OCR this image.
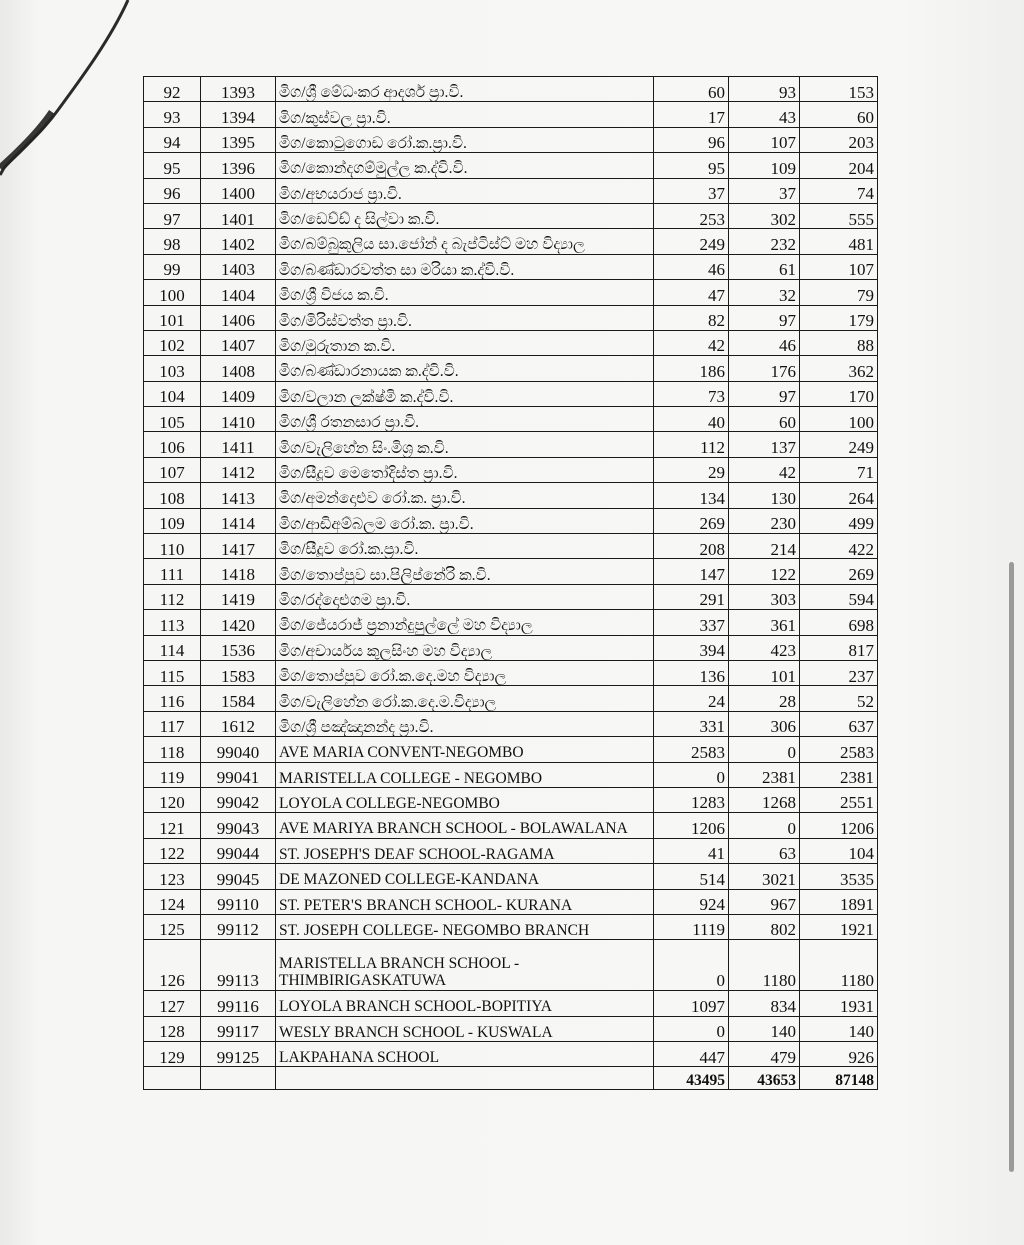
92	1393	මිග/ශ්‍රී මේධංකර ආදර්ශ ප්‍රා.වි.	60	93	153
93	1394	මිග/කුස්වල ප්‍රා.වි.	17	43	60
94	1395	මිග/කොටුගොඩ රෝ.ක.ප්‍රා.වි.	96	107	203
95	1396	මිග/කොන්දගම්මුල්ල ක.ද්වි.වි.	95	109	204
96	1400	මිග/අභයරාජ ප්‍රා.වි.	37	37	74
97	1401	මිග/ඩෙව්ඩ් ද සිල්වා ක.වි.	253	302	555
98	1402	මිග/බම්බුකුලිය සා.ජෝන් ද බැප්ටිස්ට් මහ විද්‍යාල	249	232	481
99	1403	මිග/බණ්ඩාරවත්ත සා මරියා ක.ද්වි.වි.	46	61	107
100	1404	මිග/ශ්‍රී විජය ක.වි.	47	32	79
101	1406	මිග/මිරිස්වත්ත ප්‍රා.වි.	82	97	179
102	1407	මිග/මුරුතාන ක.වි.	42	46	88
103	1408	මිග/බණ්ඩාරනායක ක.ද්වි.වි.	186	176	362
104	1409	මිග/වලාන ලක්ෂ්මි ක.ද්වි.වි.	73	97	170
105	1410	මිග/ශ්‍රී රතනසාර ප්‍රා.වි.	40	60	100
106	1411	මිග/වැලිහේන සිං.මිශ්‍ර ක.වි.	112	137	249
107	1412	මිග/සීදූව මෙතෝදිස්ත ප්‍රා.වි.	29	42	71
108	1413	මිග/අමන්දොළුව රෝ.ක. ප්‍රා.වි.	134	130	264
109	1414	මිග/ආඩිඅම්බලම රෝ.ක. ප්‍රා.වි.	269	230	499
110	1417	මිග/සීදූව රෝ.ක.ප්‍රා.වි.	208	214	422
111	1418	මිග/තොප්පුව සා.පිලිප්නේරි ක.වි.	147	122	269
112	1419	මිග/රද්දොළුගම ප්‍රා.වි.	291	303	594
113	1420	මිග/ජේයරාජ් ප්‍රනාන්දුපුල්ලේ මහ විද්‍යාල	337	361	698
114	1536	මිග/අචාර්යය කුලසිංහ මහ විද්‍යාල	394	423	817
115	1583	මිග/තොප්පුව රෝ.ක.දෙ.මහ විද්‍යාල	136	101	237
116	1584	මිග/වැලිහේන රෝ.ක.දෙ.ම.විද්‍යාල	24	28	52
117	1612	මිග/ශ්‍රී පඤ්ඤානන්ද ප්‍රා.වි.	331	306	637
118	99040	AVE MARIA CONVENT-NEGOMBO	2583	0	2583
119	99041	MARISTELLA COLLEGE - NEGOMBO	0	2381	2381
120	99042	LOYOLA COLLEGE-NEGOMBO	1283	1268	2551
121	99043	AVE MARIYA BRANCH SCHOOL - BOLAWALANA	1206	0	1206
122	99044	ST. JOSEPH'S DEAF SCHOOL-RAGAMA	41	63	104
123	99045	DE MAZONED COLLEGE-KANDANA	514	3021	3535
124	99110	ST. PETER'S BRANCH SCHOOL- KURANA	924	967	1891
125	99112	ST. JOSEPH COLLEGE- NEGOMBO BRANCH	1119	802	1921
126	99113	MARISTELLA BRANCH SCHOOL - THIMBIRIGASKATUWA	0	1180	1180
127	99116	LOYOLA BRANCH SCHOOL-BOPITIYA	1097	834	1931
128	99117	WESLY BRANCH SCHOOL - KUSWALA	0	140	140
129	99125	LAKPAHANA SCHOOL	447	479	926
			43495	43653	87148
